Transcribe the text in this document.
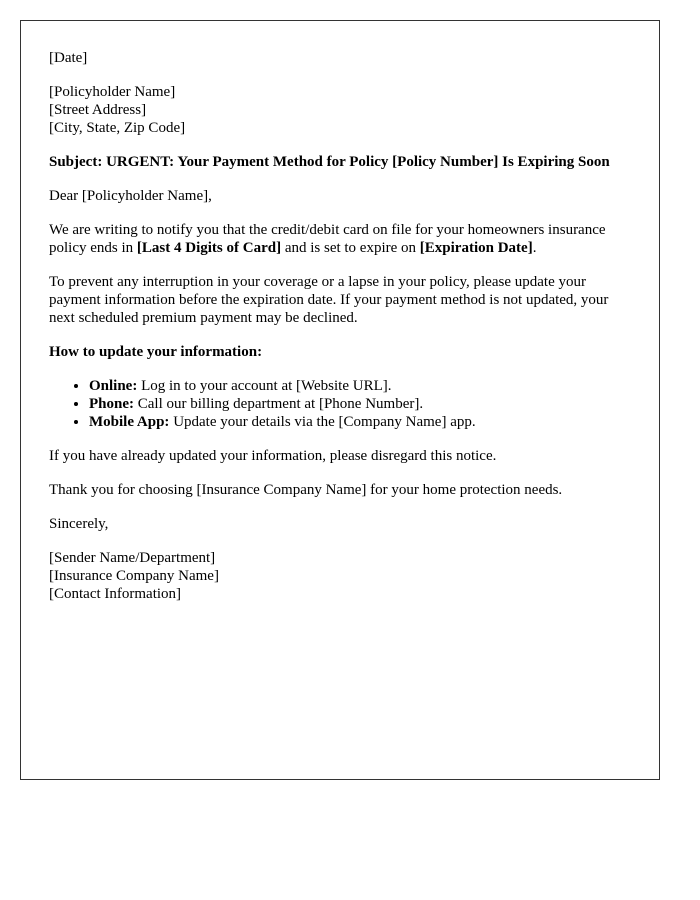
[Date]
[Policyholder Name]
[Street Address]
[City, State, Zip Code]
Subject: URGENT: Your Payment Method for Policy [Policy Number] Is Expiring Soon
Dear [Policyholder Name],
We are writing to notify you that the credit/debit card on file for your homeowners insurance policy ends in [Last 4 Digits of Card] and is set to expire on [Expiration Date].
To prevent any interruption in your coverage or a lapse in your policy, please update your payment information before the expiration date. If your payment method is not updated, your next scheduled premium payment may be declined.
How to update your information:
• Online: Log in to your account at [Website URL].
• Phone: Call our billing department at [Phone Number].
• Mobile App: Update your details via the [Company Name] app.
If you have already updated your information, please disregard this notice.
Thank you for choosing [Insurance Company Name] for your home protection needs.
Sincerely,
[Sender Name/Department]
[Insurance Company Name]
[Contact Information]
